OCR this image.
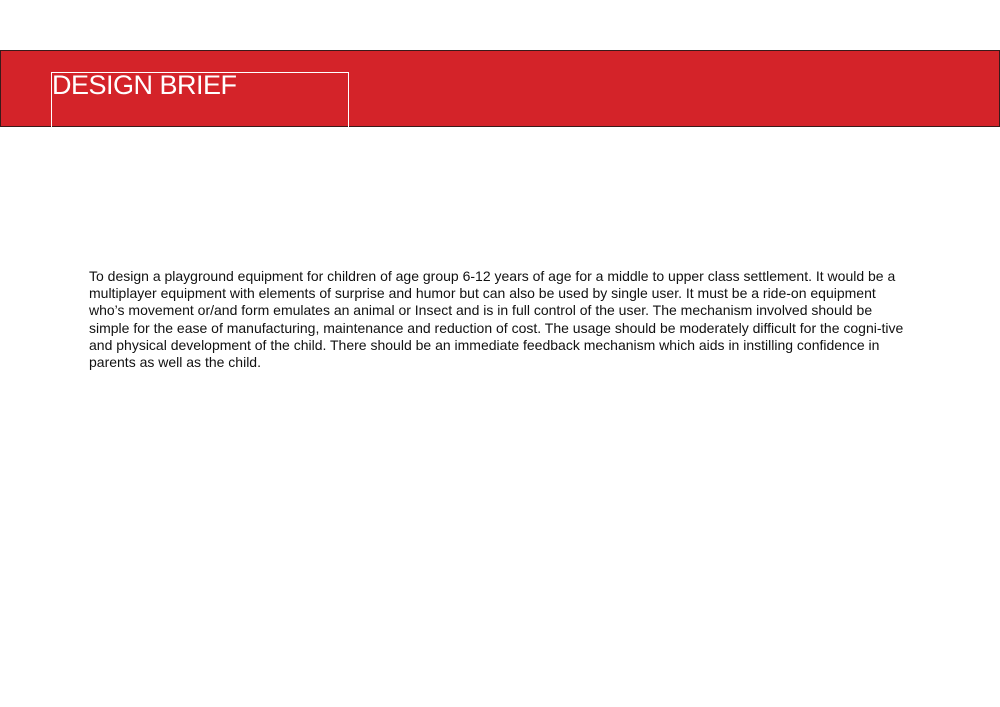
DESIGN BRIEF

To design a playground equipment for children of age group 6-12 years of age for a middle to upper class settlement. It would be a multiplayer equipment with elements of surprise and humor but can also be used by single user. It must be a ride-on equipment who’s movement or/and form emulates an animal or Insect and is in full control of the user. The mechanism involved should be simple for the ease of manufacturing, maintenance and reduction of cost. The usage should be moderately difficult for the cogni-tive and physical development of the child. There should be an immediate feedback mechanism which aids in instilling confidence in parents as well as the child.
